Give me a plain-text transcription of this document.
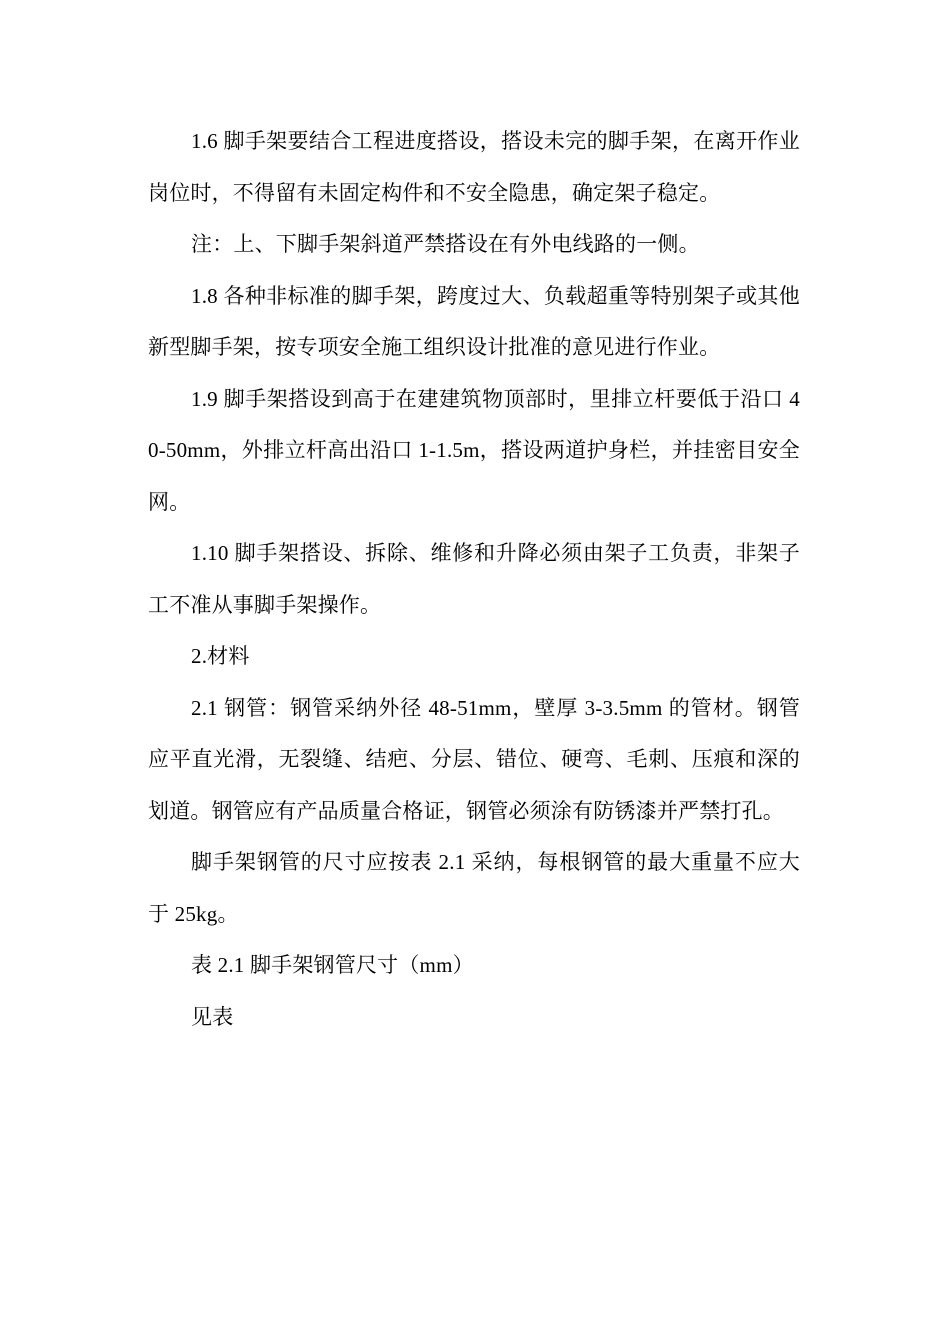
1.6 脚手架要结合工程进度搭设，搭设未完的脚手架，在离开作业岗位时，不得留有未固定构件和不安全隐患，确定架子稳定。

注：上、下脚手架斜道严禁搭设在有外电线路的一侧。

1.8 各种非标准的脚手架，跨度过大、负载超重等特别架子或其他新型脚手架，按专项安全施工组织设计批准的意见进行作业。

1.9 脚手架搭设到高于在建建筑物顶部时，里排立杆要低于沿口 40-50mm，外排立杆高出沿口 1-1.5m，搭设两道护身栏，并挂密目安全网。

1.10 脚手架搭设、拆除、维修和升降必须由架子工负责，非架子工不准从事脚手架操作。

2.材料

2.1 钢管：钢管采纳外径 48-51mm，壁厚 3-3.5mm 的管材。钢管应平直光滑，无裂缝、结疤、分层、错位、硬弯、毛刺、压痕和深的划道。钢管应有产品质量合格证，钢管必须涂有防锈漆并严禁打孔。

脚手架钢管的尺寸应按表 2.1 采纳，每根钢管的最大重量不应大于 25kg。

表 2.1 脚手架钢管尺寸（mm）

见表
